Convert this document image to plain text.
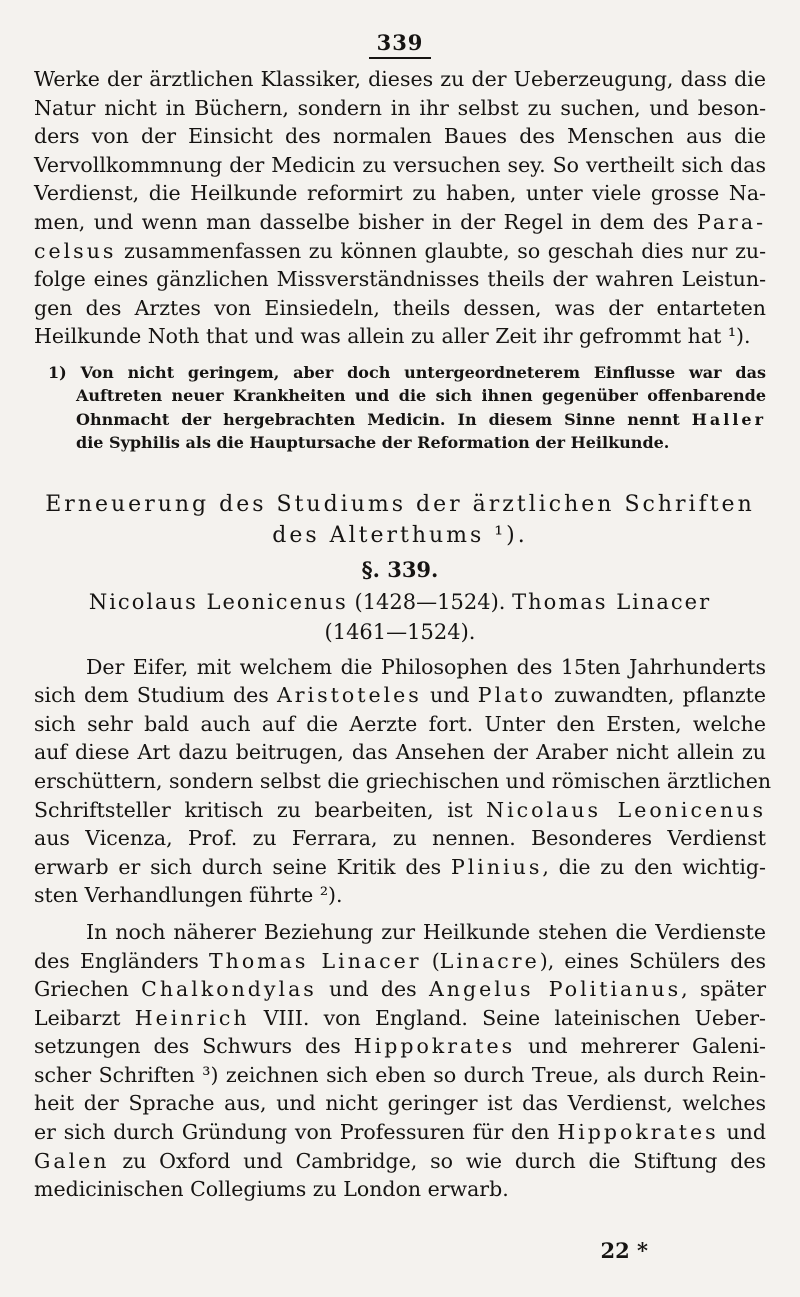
339
Werke der ärztlichen Klassiker, dieses zu der Ueberzeugung, dass die
Natur nicht in Büchern, sondern in ihr selbst zu suchen, und beson-
ders von der Einsicht des normalen Baues des Menschen aus die
Vervollkommnung der Medicin zu versuchen sey. So vertheilt sich das
Verdienst, die Heilkunde reformirt zu haben, unter viele grosse Na-
men, und wenn man dasselbe bisher in der Regel in dem des Para-
celsus zusammenfassen zu können glaubte, so geschah dies nur zu-
folge eines gänzlichen Missverständnisses theils der wahren Leistun-
gen des Arztes von Einsiedeln, theils dessen, was der entarteten
Heilkunde Noth that und was allein zu aller Zeit ihr gefrommt hat ¹).
1) Von nicht geringem, aber doch untergeordneterem Einflusse war das
Auftreten neuer Krankheiten und die sich ihnen gegenüber offenbarende
Ohnmacht der hergebrachten Medicin. In diesem Sinne nennt Haller
die Syphilis als die Hauptursache der Reformation der Heilkunde.
Erneuerung des Studiums der ärztlichen Schriften
des Alterthums ¹).
§. 339.
Nicolaus Leonicenus (1428—1524). Thomas Linacer
(1461—1524).
Der Eifer, mit welchem die Philosophen des 15ten Jahrhunderts
sich dem Studium des Aristoteles und Plato zuwandten, pflanzte
sich sehr bald auch auf die Aerzte fort. Unter den Ersten, welche
auf diese Art dazu beitrugen, das Ansehen der Araber nicht allein zu
erschüttern, sondern selbst die griechischen und römischen ärztlichen
Schriftsteller kritisch zu bearbeiten, ist Nicolaus Leonicenus
aus Vicenza, Prof. zu Ferrara, zu nennen. Besonderes Verdienst
erwarb er sich durch seine Kritik des Plinius, die zu den wichtig-
sten Verhandlungen führte ²).
In noch näherer Beziehung zur Heilkunde stehen die Verdienste
des Engländers Thomas Linacer (Linacre), eines Schülers des
Griechen Chalkondylas und des Angelus Politianus, später
Leibarzt Heinrich VIII. von England. Seine lateinischen Ueber-
setzungen des Schwurs des Hippokrates und mehrerer Galeni-
scher Schriften ³) zeichnen sich eben so durch Treue, als durch Rein-
heit der Sprache aus, und nicht geringer ist das Verdienst, welches
er sich durch Gründung von Professuren für den Hippokrates und
Galen zu Oxford und Cambridge, so wie durch die Stiftung des
medicinischen Collegiums zu London erwarb.
22 *
